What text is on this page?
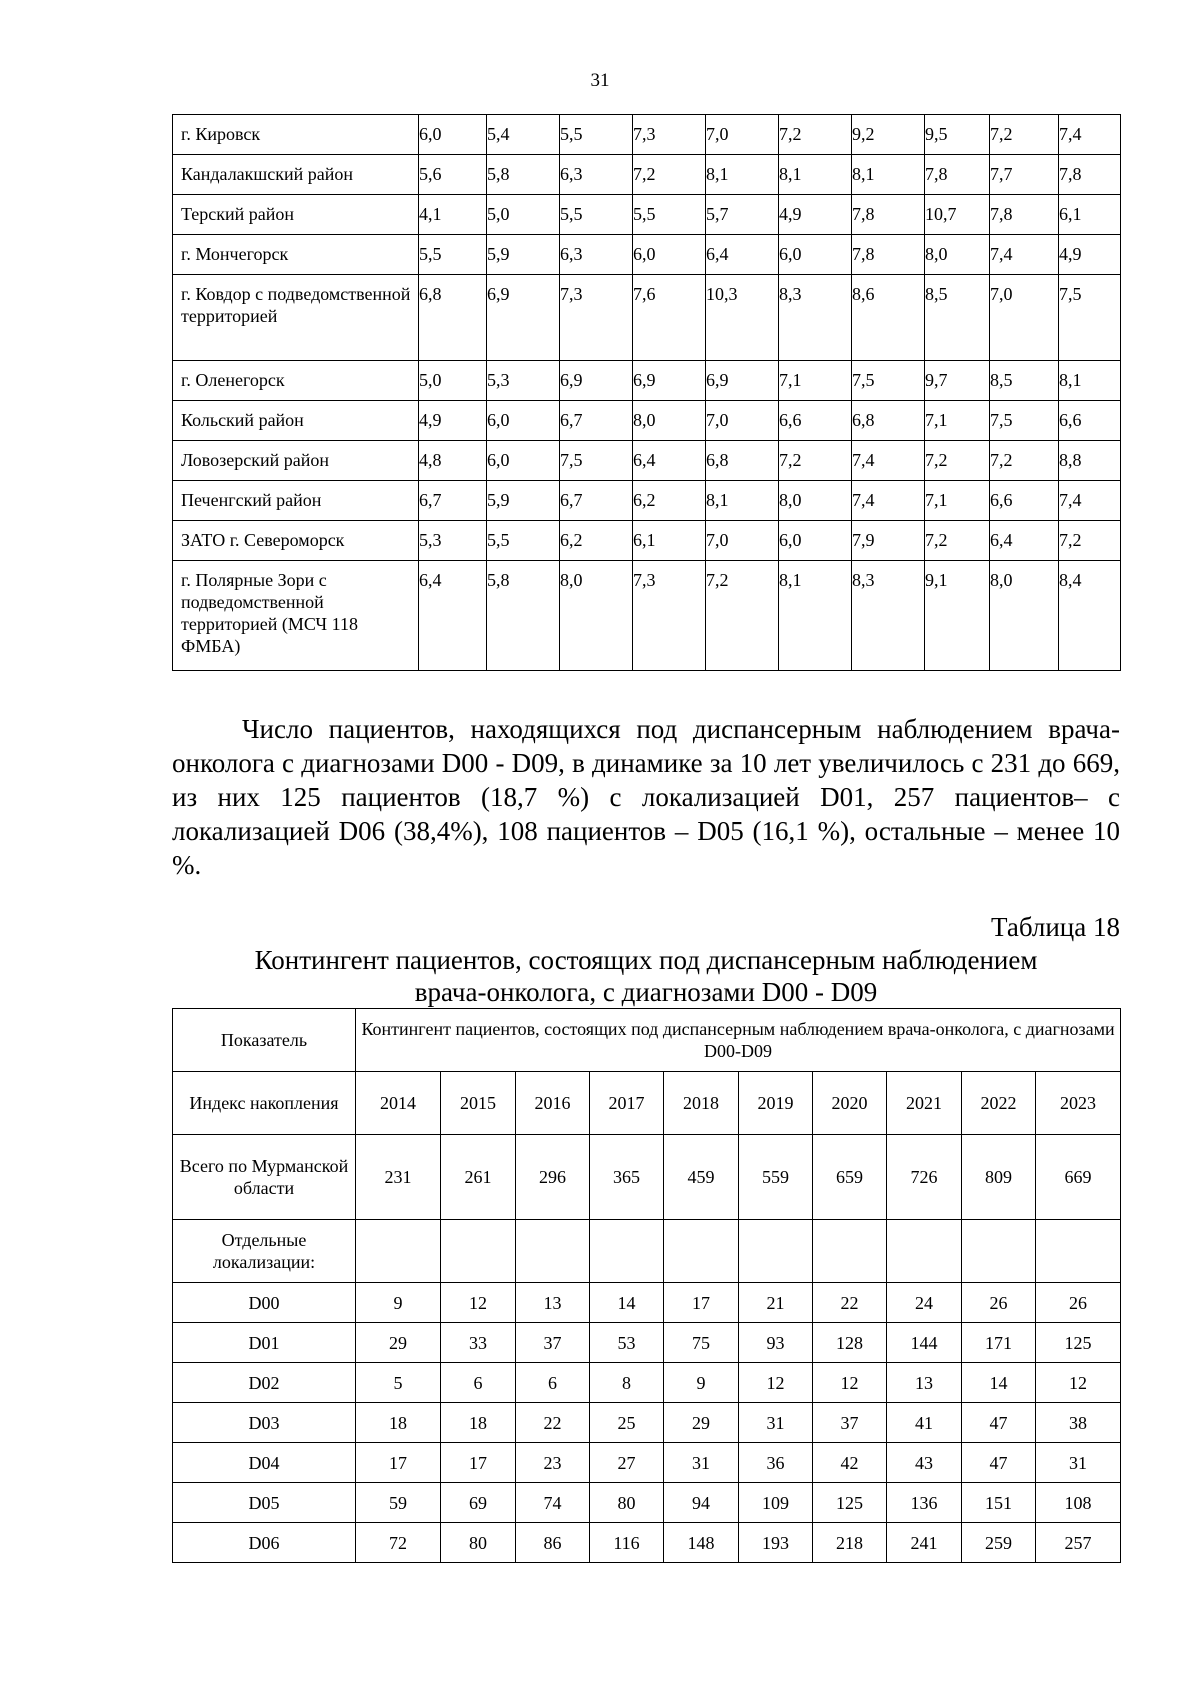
31
г. Кировск	6,0	5,4	5,5	7,3	7,0	7,2	9,2	9,5	7,2	7,4
Кандалакшский район	5,6	5,8	6,3	7,2	8,1	8,1	8,1	7,8	7,7	7,8
Терский район	4,1	5,0	5,5	5,5	5,7	4,9	7,8	10,7	7,8	6,1
г. Мончегорск	5,5	5,9	6,3	6,0	6,4	6,0	7,8	8,0	7,4	4,9
г. Ковдор с подведомственной территорией	6,8	6,9	7,3	7,6	10,3	8,3	8,6	8,5	7,0	7,5
г. Оленегорск	5,0	5,3	6,9	6,9	6,9	7,1	7,5	9,7	8,5	8,1
Кольский район	4,9	6,0	6,7	8,0	7,0	6,6	6,8	7,1	7,5	6,6
Ловозерский район	4,8	6,0	7,5	6,4	6,8	7,2	7,4	7,2	7,2	8,8
Печенгский район	6,7	5,9	6,7	6,2	8,1	8,0	7,4	7,1	6,6	7,4
ЗАТО г. Североморск	5,3	5,5	6,2	6,1	7,0	6,0	7,9	7,2	6,4	7,2
г. Полярные Зори с подведомственной территорией (МСЧ 118 ФМБА)	6,4	5,8	8,0	7,3	7,2	8,1	8,3	9,1	8,0	8,4

Число пациентов, находящихся под диспансерным наблюдением врача-онколога с диагнозами D00 - D09, в динамике за 10 лет увеличилось с 231 до 669, из них 125 пациентов (18,7 %) с локализацией D01, 257 пациентов– с локализацией D06 (38,4%), 108 пациентов – D05 (16,1 %), остальные – менее 10 %.

Таблица 18
Контингент пациентов, состоящих под диспансерным наблюдением
врача-онколога, с диагнозами D00 - D09
Показатель	Контингент пациентов, состоящих под диспансерным наблюдением врача-онколога, с диагнозами D00-D09									
Индекс накопления	2014	2015	2016	2017	2018	2019	2020	2021	2022	2023
Всего по Мурманской области	231	261	296	365	459	559	659	726	809	669
Отдельные локализации:										
D00	9	12	13	14	17	21	22	24	26	26
D01	29	33	37	53	75	93	128	144	171	125
D02	5	6	6	8	9	12	12	13	14	12
D03	18	18	22	25	29	31	37	41	47	38
D04	17	17	23	27	31	36	42	43	47	31
D05	59	69	74	80	94	109	125	136	151	108
D06	72	80	86	116	148	193	218	241	259	257
